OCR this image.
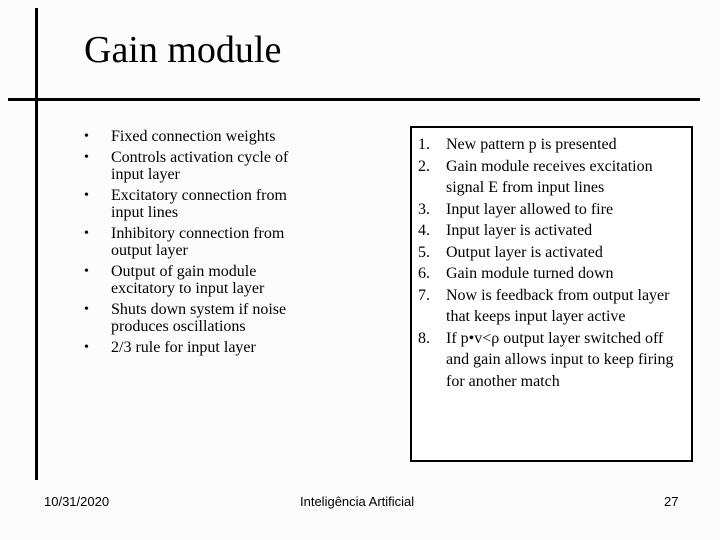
Gain module
• Fixed connection weights
• Controls activation cycle of input layer
• Excitatory connection from input lines
• Inhibitory connection from output layer
• Output of gain module excitatory to input layer
• Shuts down system if noise produces oscillations
• 2/3 rule for input layer
1. New pattern p is presented
2. Gain module receives excitation signal E from input lines
3. Input layer allowed to fire
4. Input layer is activated
5. Output layer is activated
6. Gain module turned down
7. Now is feedback from output layer that keeps input layer active
8. If p•v<ρ output layer switched off and gain allows input to keep firing for another match
10/31/2020	Inteligência Artificial	27
